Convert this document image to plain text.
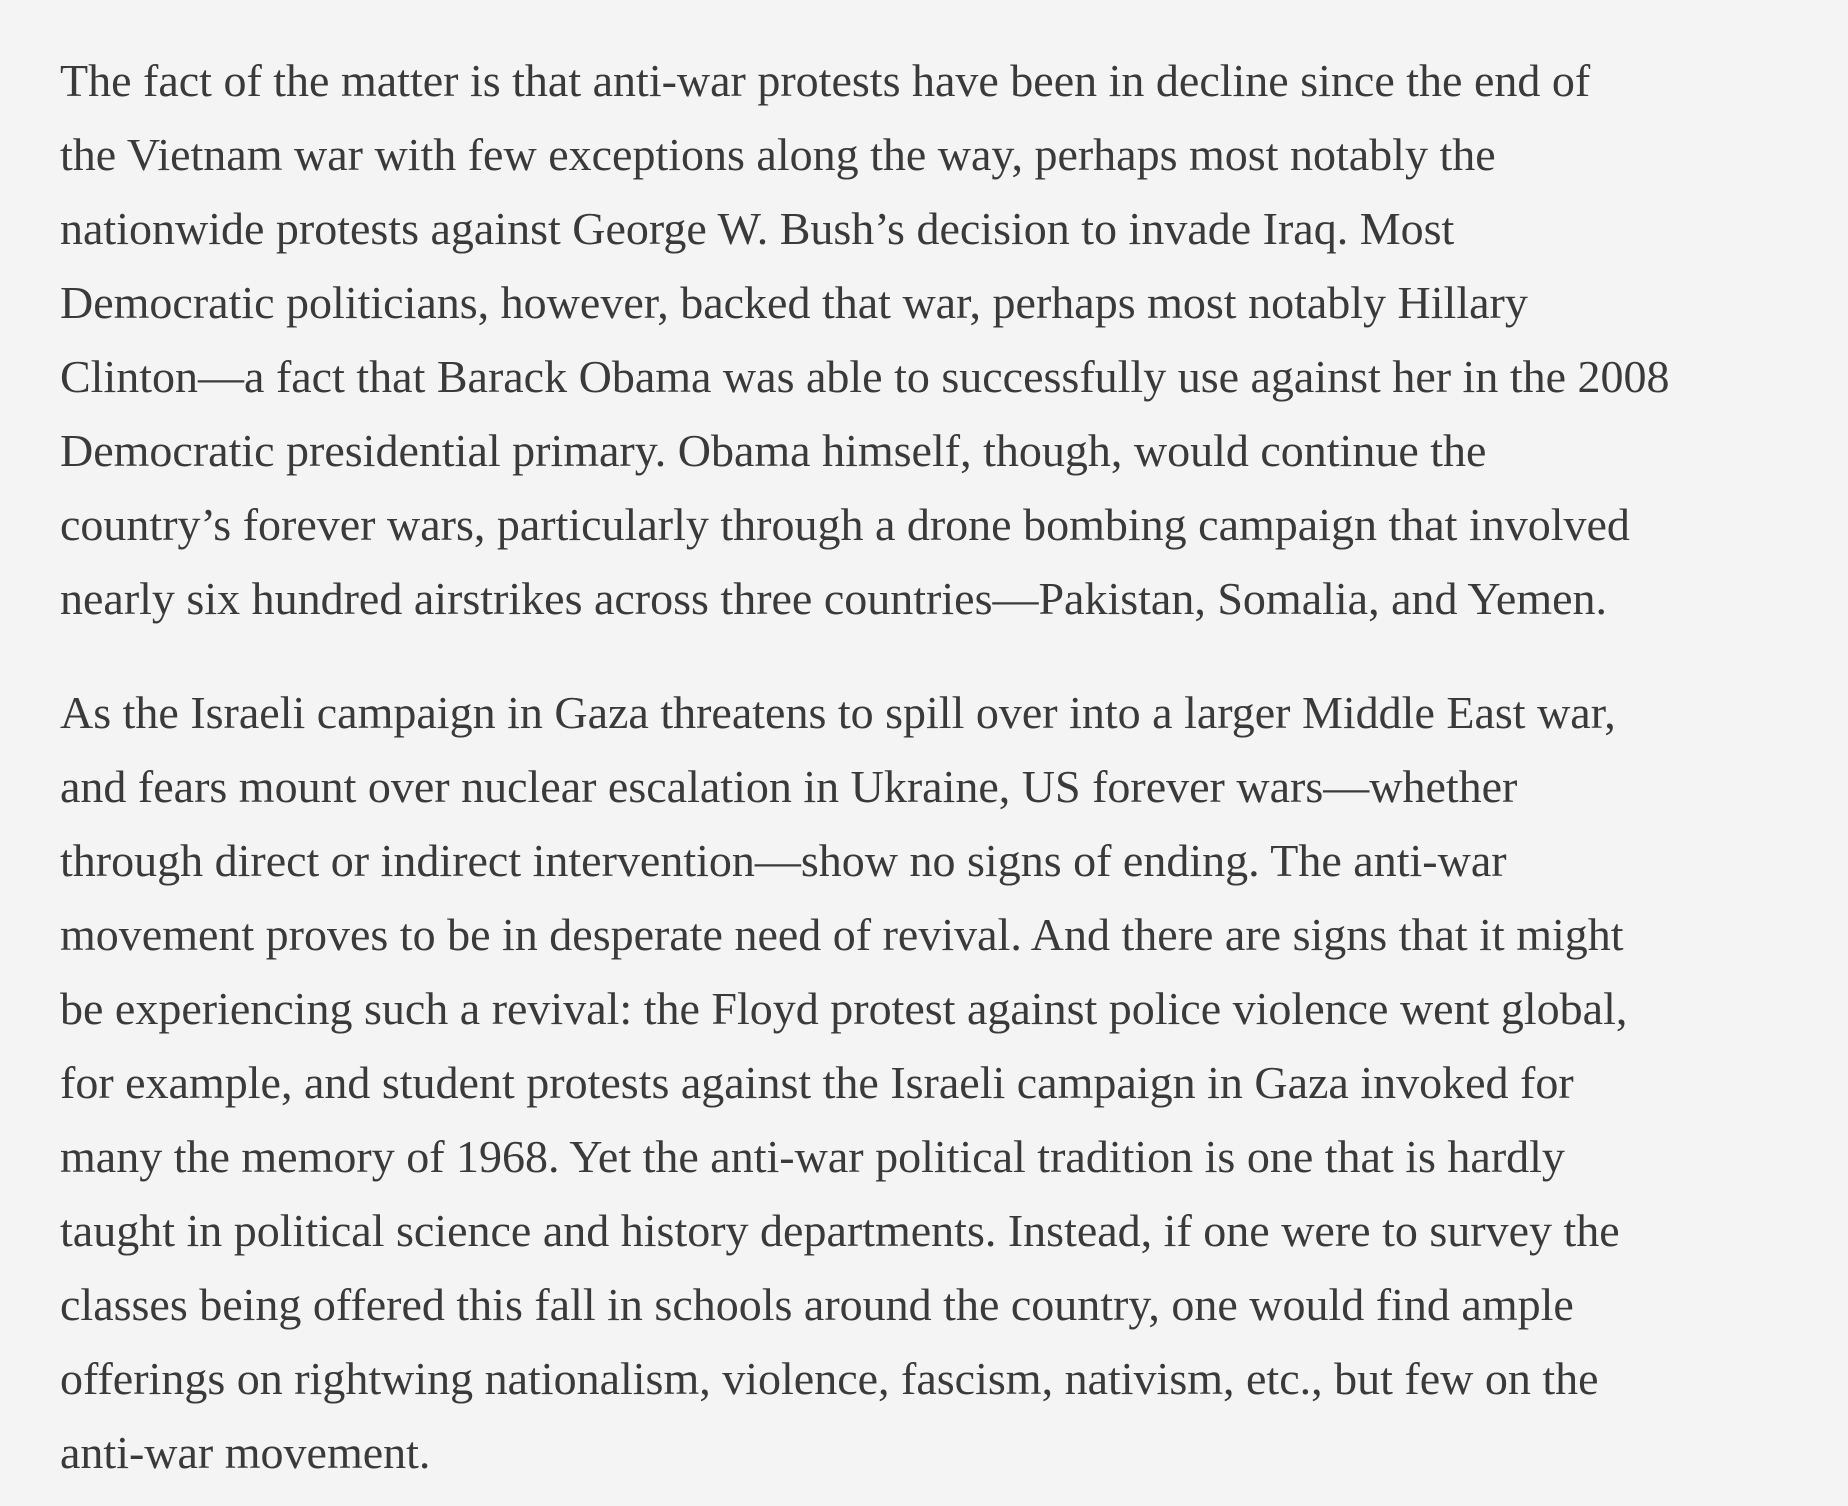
The fact of the matter is that anti-war protests have been in decline since the end of
the Vietnam war with few exceptions along the way, perhaps most notably the
nationwide protests against George W. Bush’s decision to invade Iraq. Most
Democratic politicians, however, backed that war, perhaps most notably Hillary
Clinton—a fact that Barack Obama was able to successfully use against her in the 2008
Democratic presidential primary. Obama himself, though, would continue the
country’s forever wars, particularly through a drone bombing campaign that involved
nearly six hundred airstrikes across three countries—Pakistan, Somalia, and Yemen.

As the Israeli campaign in Gaza threatens to spill over into a larger Middle East war,
and fears mount over nuclear escalation in Ukraine, US forever wars—whether
through direct or indirect intervention—show no signs of ending. The anti-war
movement proves to be in desperate need of revival. And there are signs that it might
be experiencing such a revival: the Floyd protest against police violence went global,
for example, and student protests against the Israeli campaign in Gaza invoked for
many the memory of 1968. Yet the anti-war political tradition is one that is hardly
taught in political science and history departments. Instead, if one were to survey the
classes being offered this fall in schools around the country, one would find ample
offerings on rightwing nationalism, violence, fascism, nativism, etc., but few on the
anti-war movement.
